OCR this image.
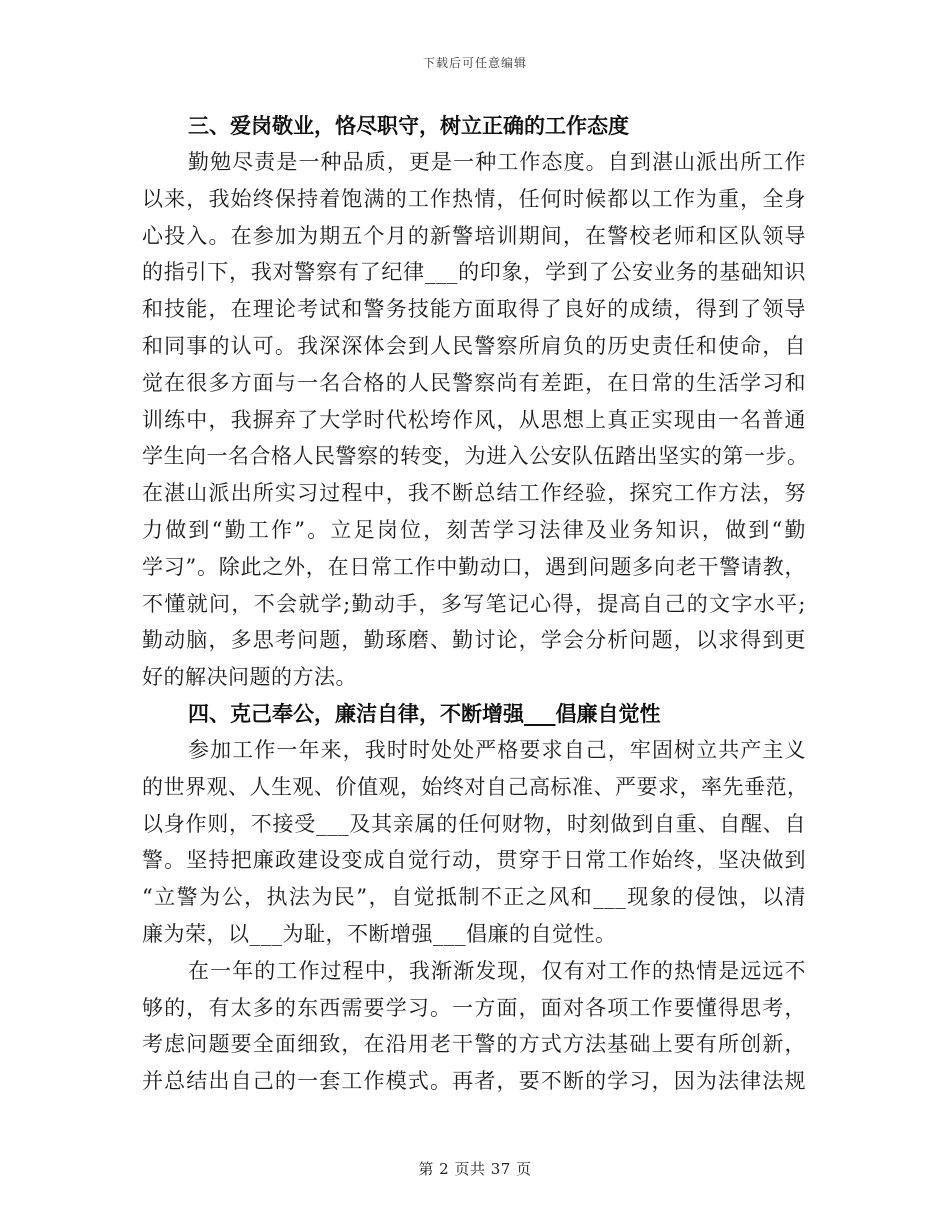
下载后可任意编辑
三、爱岗敬业，恪尽职守，树立正确的工作态度
勤勉尽责是一种品质，更是一种工作态度。自到湛山派出所工作
以来，我始终保持着饱满的工作热情，任何时候都以工作为重，全身
心投入。在参加为期五个月的新警培训期间，在警校老师和区队领导
的指引下，我对警察有了纪律___的印象，学到了公安业务的基础知识
和技能，在理论考试和警务技能方面取得了良好的成绩，得到了领导
和同事的认可。我深深体会到人民警察所肩负的历史责任和使命，自
觉在很多方面与一名合格的人民警察尚有差距，在日常的生活学习和
训练中，我摒弃了大学时代松垮作风，从思想上真正实现由一名普通
学生向一名合格人民警察的转变，为进入公安队伍踏出坚实的第一步。
在湛山派出所实习过程中，我不断总结工作经验，探究工作方法，努
力做到“勤工作”。立足岗位，刻苦学习法律及业务知识，做到“勤
学习”。除此之外，在日常工作中勤动口，遇到问题多向老干警请教，
不懂就问，不会就学;勤动手，多写笔记心得，提高自己的文字水平;
勤动脑，多思考问题，勤琢磨、勤讨论，学会分析问题，以求得到更
好的解决问题的方法。
四、克己奉公，廉洁自律，不断增强___倡廉自觉性
参加工作一年来，我时时处处严格要求自己，牢固树立共产主义
的世界观、人生观、价值观，始终对自己高标准、严要求，率先垂范，
以身作则，不接受___及其亲属的任何财物，时刻做到自重、自醒、自
警。坚持把廉政建设变成自觉行动，贯穿于日常工作始终，坚决做到
“立警为公，执法为民”，自觉抵制不正之风和___现象的侵蚀，以清
廉为荣，以___为耻，不断增强___倡廉的自觉性。
在一年的工作过程中，我渐渐发现，仅有对工作的热情是远远不
够的，有太多的东西需要学习。一方面，面对各项工作要懂得思考，
考虑问题要全面细致，在沿用老干警的方式方法基础上要有所创新，
并总结出自己的一套工作模式。再者，要不断的学习，因为法律法规
第 2 页共 37 页
